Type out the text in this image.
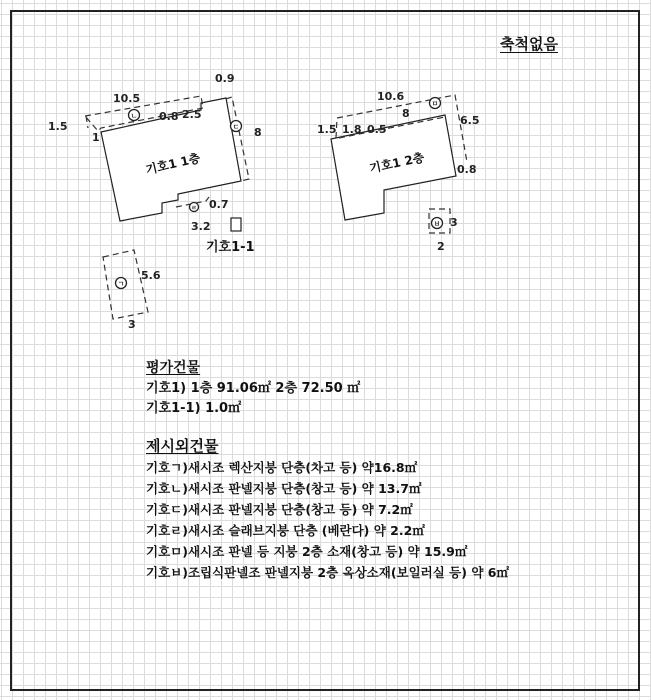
축척없음
ㄴ
ㄷ
ㄹ
ㄱ
ㅁ
ㅂ
1.5
10.5
0.9
8
0.8 2.5
1
0.7
3.2
기호1 1층
기호1-1
10.6
8
1.5 1.8 0.5
6.5
0.8
기호1 2층
5.6
3
3
2
평가건물
기호1) 1층 91.06㎡ 2층 72.50 ㎡
기호1-1) 1.0㎡
제시외건물
기호ㄱ)새시조 렉산지붕 단층(차고 등) 약16.8㎡
기호ㄴ)새시조 판넬지붕 단층(창고 등) 약 13.7㎡
기호ㄷ)새시조 판넬지붕 단층(창고 등) 약 7.2㎡
기호ㄹ)새시조 슬래브지붕 단층 (베란다) 약 2.2㎡
기호ㅁ)새시조 판넬 등 지붕 2층 소재(창고 등) 약 15.9㎡
기호ㅂ)조립식판넬조 판넬지붕 2층 옥상소재(보일러실 등) 약 6㎡
